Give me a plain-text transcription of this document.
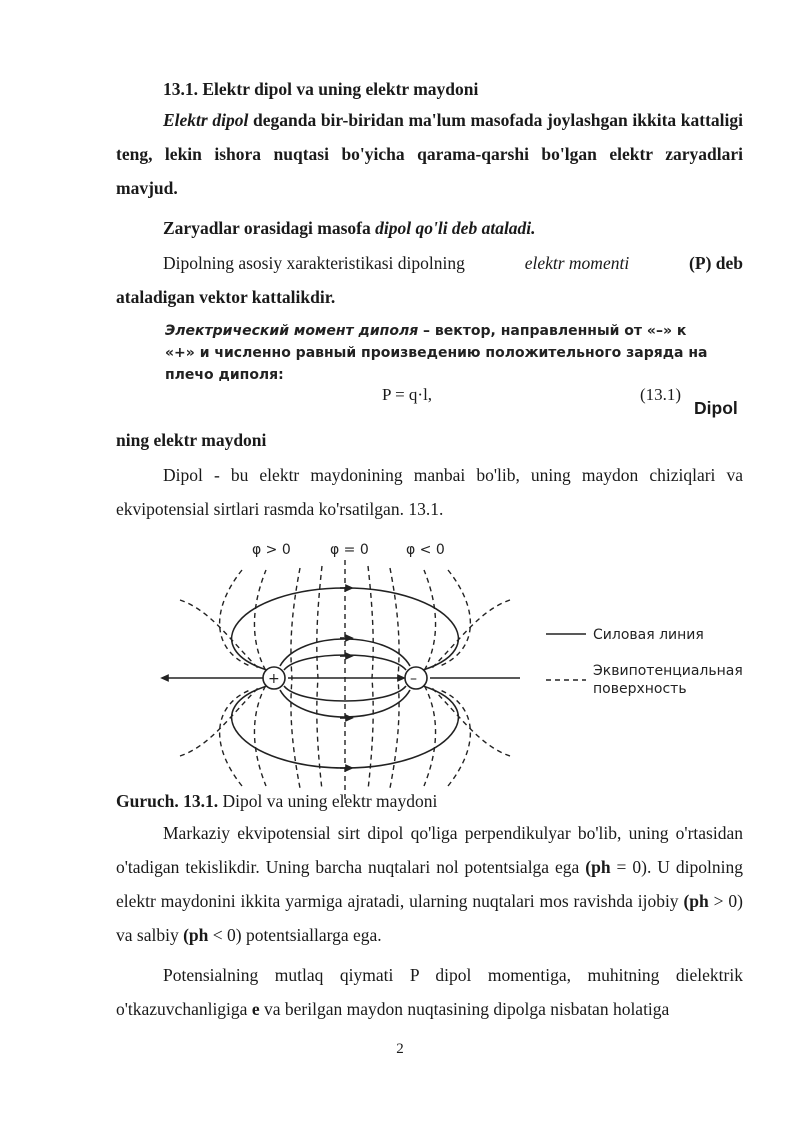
13.1. Elektr dipol va uning elektr maydoni

Elektr dipol deganda bir-biridan ma'lum masofada joylashgan ikkita kattaligi teng, lekin ishora nuqtasi bo'yicha qarama-qarshi bo'lgan elektr zaryadlari mavjud.

Zaryadlar orasidagi masofa dipol qo'li deb ataladi.

Dipolning asosiy xarakteristikasi dipolning	elektr momenti	(P) deb
ataladigan vektor kattalikdir.
Электрический момент диполя – вектор, направленный от «–» к
«+» и численно равный произведению положительного заряда на
плечо диполя:
P = q·l,	(13.1)
Dipol
ning elektr maydoni

Dipol - bu elektr maydonining manbai bo'lib, uning maydon chiziqlari va ekvipotensial sirtlari rasmda ko'rsatilgan. 13.1.

φ > 0	φ = 0	φ < 0
+	–
Силовая линия
Эквипотенциальная
поверхность
Guruch. 13.1. Dipol va uning elektr maydoni

Markaziy ekvipotensial sirt dipol qo'liga perpendikulyar bo'lib, uning o'rtasidan o'tadigan tekislikdir. Uning barcha nuqtalari nol potentsialga ega (ph = 0). U dipolning elektr maydonini ikkita yarmiga ajratadi, ularning nuqtalari mos ravishda ijobiy (ph > 0) va salbiy (ph < 0) potentsiallarga ega.

Potensialning mutlaq qiymati P dipol momentiga, muhitning dielektrik o'tkazuvchanligiga e va berilgan maydon nuqtasining dipolga nisbatan holatiga

2
